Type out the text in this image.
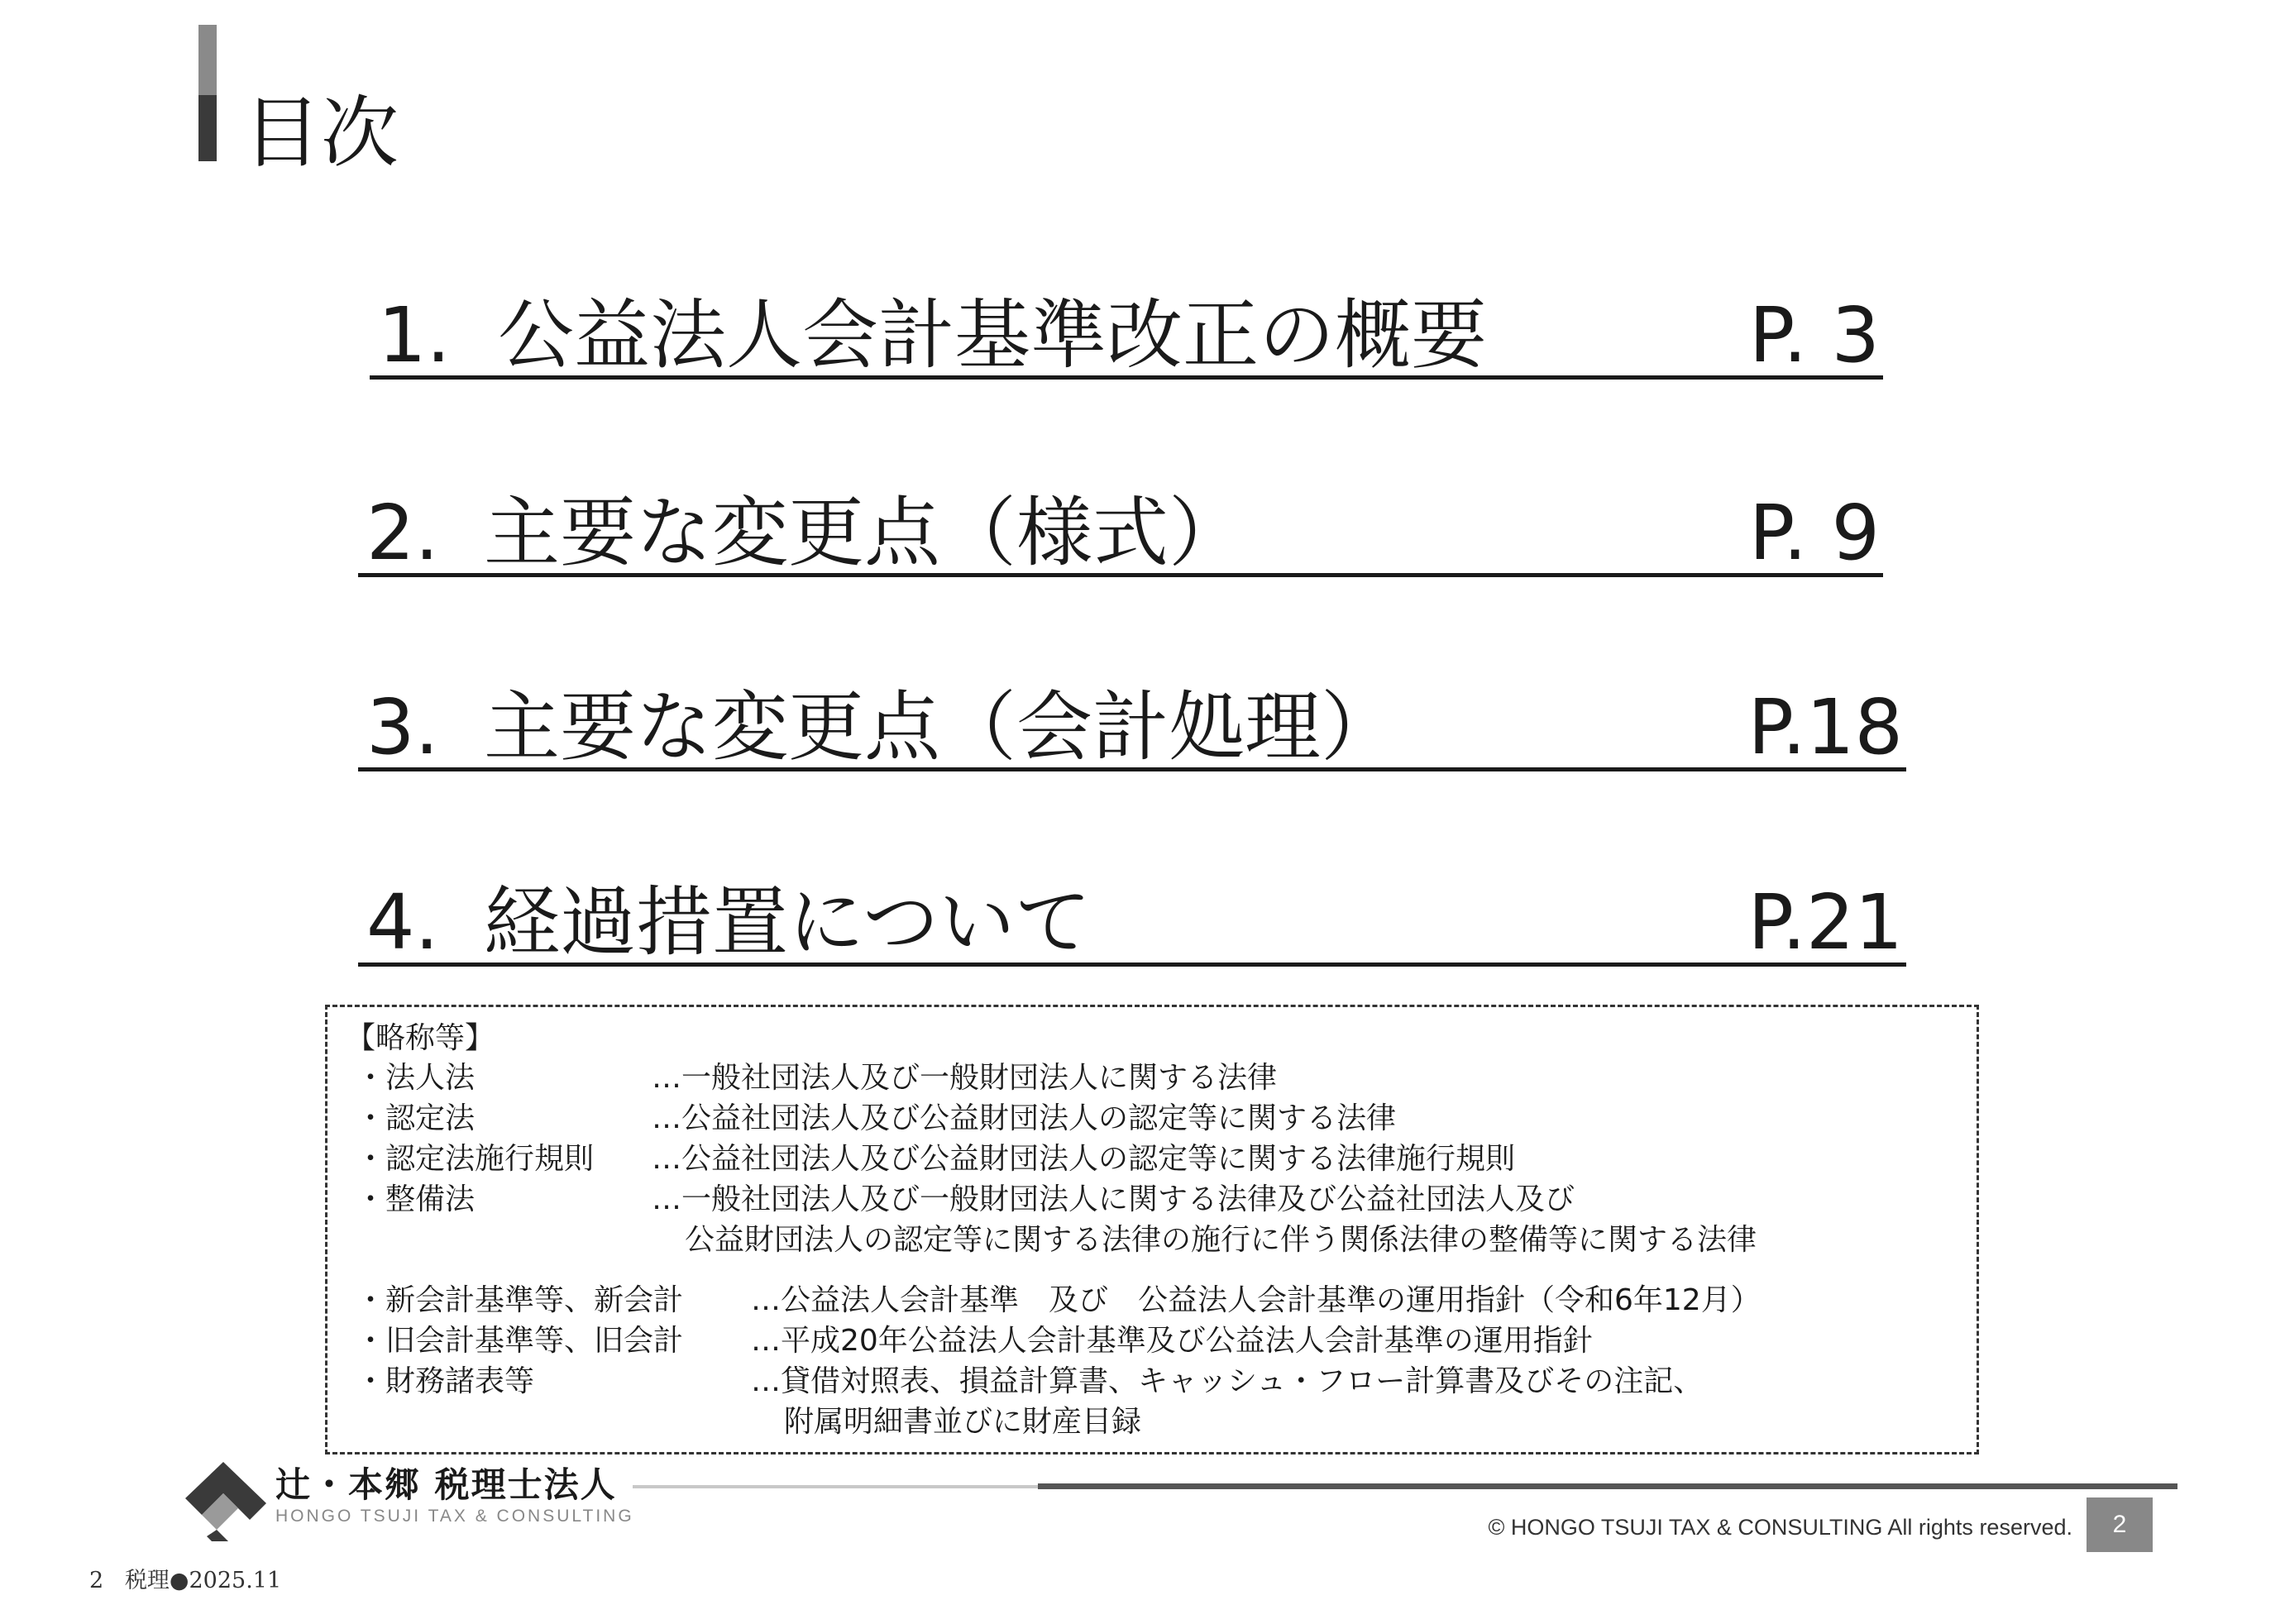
目次
1. 公益法人会計基準改正の概要	P. 3
2. 主要な変更点（様式）	P. 9
3. 主要な変更点（会計処理）	P.18
4. 経過措置について	P.21
【略称等】
・法人法	…一般社団法人及び一般財団法人に関する法律
・認定法	…公益社団法人及び公益財団法人の認定等に関する法律
・認定法施行規則 …公益社団法人及び公益財団法人の認定等に関する法律施行規則
・整備法	…一般社団法人及び一般財団法人に関する法律及び公益社団法人及び
公益財団法人の認定等に関する法律の施行に伴う関係法律の整備等に関する法律
・新会計基準等、新会計 …公益法人会計基準　及び　公益法人会計基準の運用指針（令和6年12月）
・旧会計基準等、旧会計 …平成20年公益法人会計基準及び公益法人会計基準の運用指針
・財務諸表等	…貸借対照表、損益計算書、キャッシュ・フロー計算書及びその注記、
附属明細書並びに財産目録
辻・本郷 税理士法人
HONGO TSUJI TAX & CONSULTING	© HONGO TSUJI TAX & CONSULTING All rights reserved.	2
2 税理●2025.11
